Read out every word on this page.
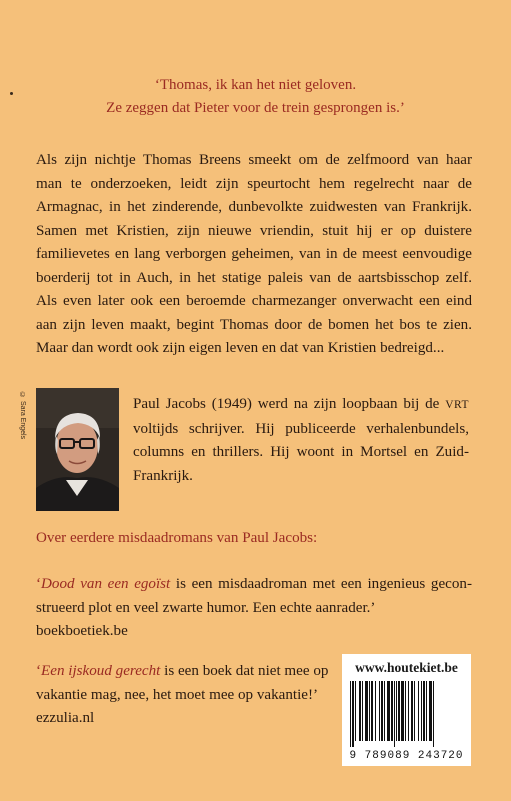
‘Thomas, ik kan het niet geloven.
Ze zeggen dat Pieter voor de trein gesprongen is.’
Als zijn nichtje Thomas Breens smeekt om de zelfmoord van haar
man te onderzoeken, leidt zijn speurtocht hem regelrecht naar de
Armagnac, in het zinderende, dunbevolkte zuidwesten van Frankrijk.
Samen met Kristien, zijn nieuwe vriendin, stuit hij er op duistere
familievetes en lang verborgen geheimen, van in de meest eenvoudige
boerderij tot in Auch, in het statige paleis van de aartsbisschop zelf.
Als even later ook een beroemde charmezanger onverwacht een eind
aan zijn leven maakt, begint Thomas door de bomen het bos te zien.
Maar dan wordt ook zijn eigen leven en dat van Kristien bedreigd...
© Sara Engels	Paul Jacobs (1949) werd na zijn loopbaan bij de VRT
voltijds schrijver. Hij publiceerde verhalenbundels,
columns en thrillers. Hij woont in Mortsel en Zuid-
Frankrijk.
Over eerdere misdaadromans van Paul Jacobs:
‘Dood van een egoïst is een misdaadroman met een ingenieus gecon-
strueerd plot en veel zwarte humor. Een echte aanrader.’
boekboetiek.be
‘Een ijskoud gerecht is een boek dat niet mee op
vakantie mag, nee, het moet mee op vakantie!’
ezzulia.nl
www.houtekiet.be
9 789089 243720
